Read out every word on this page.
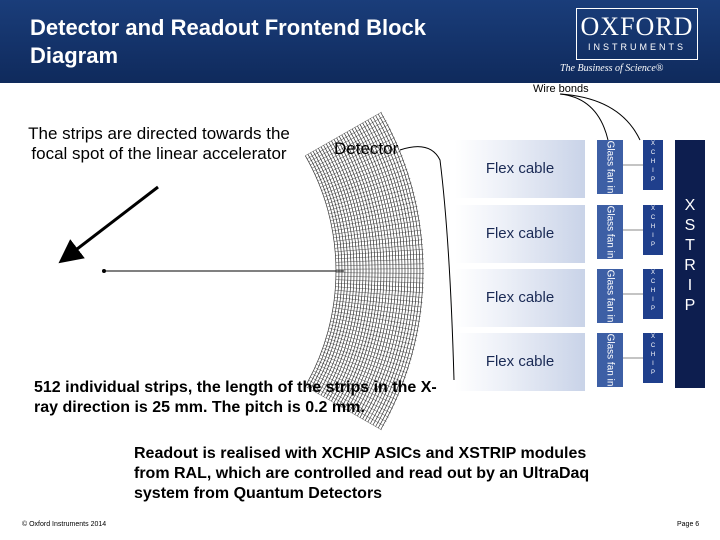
Detector and Readout Frontend Block Diagram
OXFORD
INSTRUMENTS
The Business of Science®
Wire bonds
The strips are directed towards the focal spot of the linear accelerator	Detector
Flex cable	Glass fan in	X
C
H
I
P
Flex cable	Glass fan in	X
C
H
I
P
Flex cable	Glass fan in	X
C
H
I
P
Flex cable	Glass fan in	X
C
H
I
P
X
S
T
R
I
P
512 individual strips, the length of the strips in the X-ray direction is 25 mm. The pitch is 0.2 mm.
Readout is realised with XCHIP ASICs and XSTRIP modules from RAL, which are controlled and read out by an UltraDaq system from Quantum Detectors
© Oxford Instruments 2014	Page 6
